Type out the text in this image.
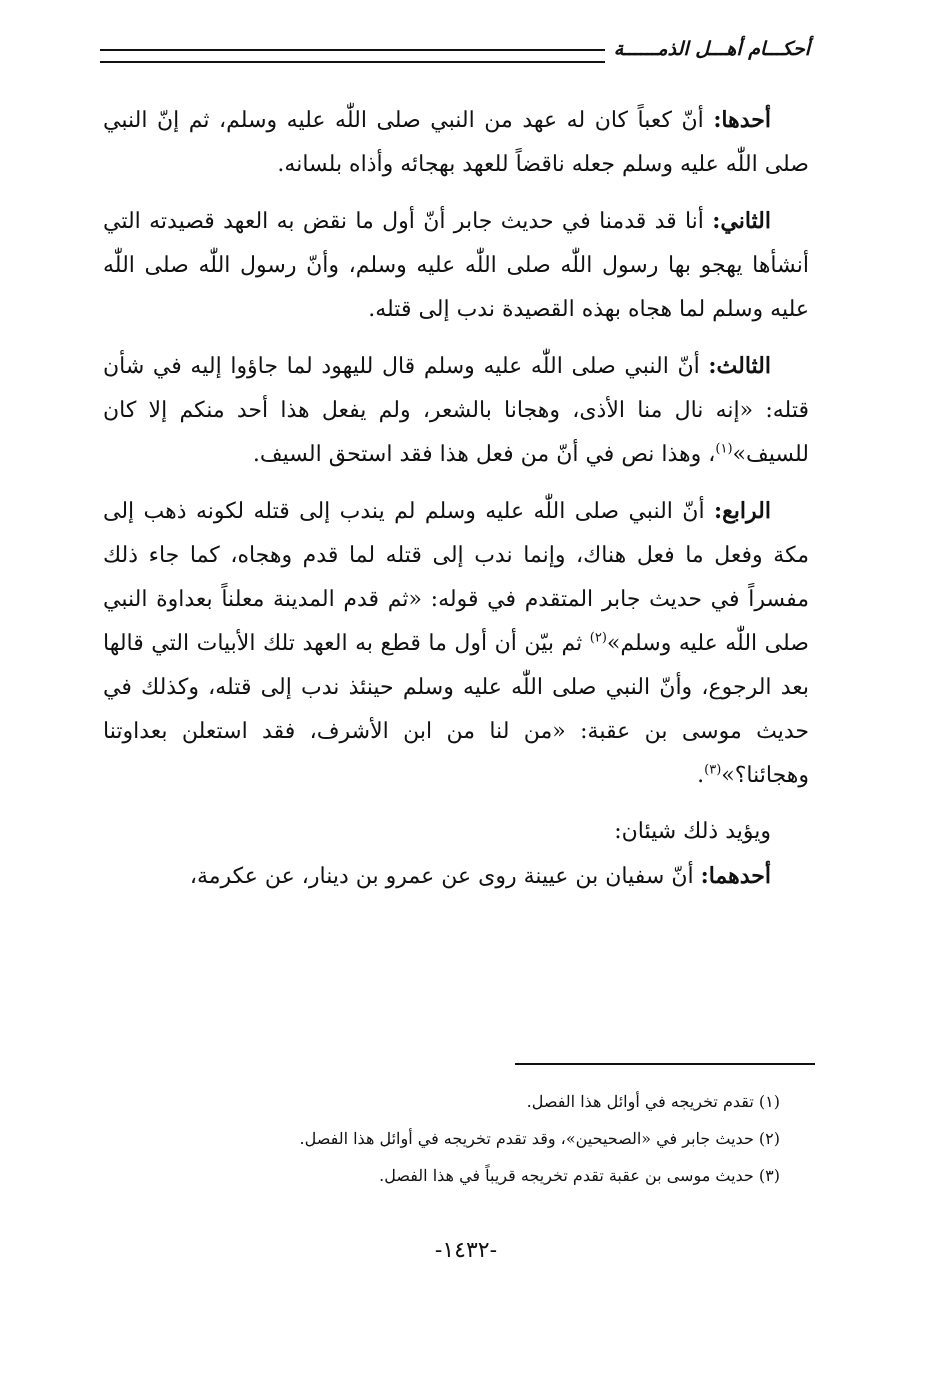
أحكـــام أهـــل الذمــــــة

أحدها: أنّ كعباً كان له عهد من النبي صلى اللّٰه عليه وسلم، ثم إنّ النبي صلى اللّٰه عليه وسلم جعله ناقضاً للعهد بهجائه وأذاه بلسانه.

الثاني: أنا قد قدمنا في حديث جابر أنّ أول ما نقض به العهد قصيدته التي أنشأها يهجو بها رسول اللّٰه صلى اللّٰه عليه وسلم، وأنّ رسول اللّٰه صلى اللّٰه عليه وسلم لما هجاه بهذه القصيدة ندب إلى قتله.

الثالث: أنّ النبي صلى اللّٰه عليه وسلم قال لليهود لما جاؤوا إليه في شأن قتله: «إنه نال منا الأذى، وهجانا بالشعر، ولم يفعل هذا أحد منكم إلا كان للسيف»$^{(١)}$، وهذا نص في أنّ من فعل هذا فقد استحق السيف.

الرابع: أنّ النبي صلى اللّٰه عليه وسلم لم يندب إلى قتله لكونه ذهب إلى مكة وفعل ما فعل هناك، وإنما ندب إلى قتله لما قدم وهجاه، كما جاء ذلك مفسراً في حديث جابر المتقدم في قوله: «ثم قدم المدينة معلناً بعداوة النبي صلى اللّٰه عليه وسلم»$^{(٢)}$ ثم بيّن أن أول ما قطع به العهد تلك الأبيات التي قالها بعد الرجوع، وأنّ النبي صلى اللّٰه عليه وسلم حينئذ ندب إلى قتله، وكذلك في حديث موسى بن عقبة: «من لنا من ابن الأشرف، فقد استعلن بعداوتنا وهجائنا؟»$^{(٣)}$.

ويؤيد ذلك شيئان:

أحدهما: أنّ سفيان بن عيينة روى عن عمرو بن دينار، عن عكرمة،

(١) تقدم تخريجه في أوائل هذا الفصل.
(٢) حديث جابر في «الصحيحين»، وقد تقدم تخريجه في أوائل هذا الفصل.
(٣) حديث موسى بن عقبة تقدم تخريجه قريباً في هذا الفصل.
-١٤٣٢-
